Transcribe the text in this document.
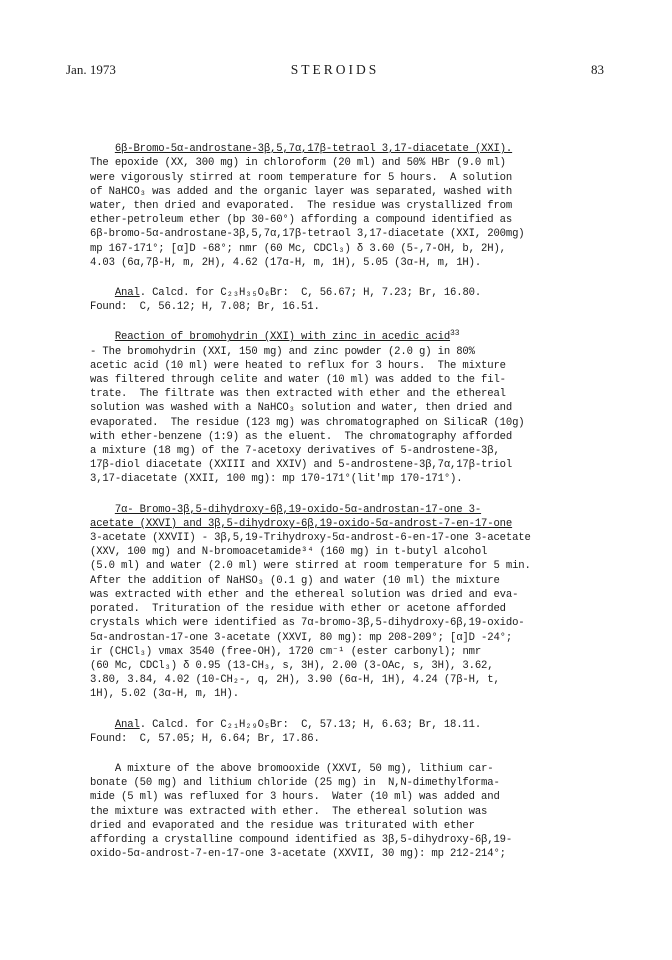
Jan. 1973	STEROIDS	83

6β-Bromo-5α-androstane-3β,5,7α,17β-tetraol 3,17-diacetate (XXI).
The epoxide (XX, 300 mg) in chloroform (20 ml) and 50% HBr (9.0 ml)
were vigorously stirred at room temperature for 5 hours.  A solution
of NaHCO₃ was added and the organic layer was separated, washed with
water, then dried and evaporated.  The residue was crystallized from
ether-petroleum ether (bp 30-60°) affording a compound identified as
6β-bromo-5α-androstane-3β,5,7α,17β-tetraol 3,17-diacetate (XXI, 200mg)
mp 167-171°; [α]D -68°; nmr (60 Mc, CDCl₃) δ 3.60 (5-,7-OH, b, 2H),
4.03 (6α,7β-H, m, 2H), 4.62 (17α-H, m, 1H), 5.05 (3α-H, m, 1H).
Anal. Calcd. for C₂₃H₃₅O₆Br:  C, 56.67; H, 7.23; Br, 16.80.
Found:  C, 56.12; H, 7.08; Br, 16.51.
Reaction of bromohydrin (XXI) with zinc in acedic acid$^{33}$
- The bromohydrin (XXI, 150 mg) and zinc powder (2.0 g) in 80%
acetic acid (10 ml) were heated to reflux for 3 hours.  The mixture
was filtered through celite and water (10 ml) was added to the fil-
trate.  The filtrate was then extracted with ether and the ethereal
solution was washed with a NaHCO₃ solution and water, then dried and
evaporated.  The residue (123 mg) was chromatographed on SilicaR (10g)
with ether-benzene (1:9) as the eluent.  The chromatography afforded
a mixture (18 mg) of the 7-acetoxy derivatives of 5-androstene-3β,
17β-diol diacetate (XXIII and XXIV) and 5-androstene-3β,7α,17β-triol
3,17-diacetate (XXII, 100 mg): mp 170-171°(lit'mp 170-171°).
7α- Bromo-3β,5-dihydroxy-6β,19-oxido-5α-androstan-17-one 3-
acetate (XXVI) and 3β,5-dihydroxy-6β,19-oxido-5α-androst-7-en-17-one
3-acetate (XXVII) - 3β,5,19-Trihydroxy-5α-androst-6-en-17-one 3-acetate
(XXV, 100 mg) and N-bromoacetamide³⁴ (160 mg) in t-butyl alcohol
(5.0 ml) and water (2.0 ml) were stirred at room temperature for 5 min.
After the addition of NaHSO₃ (0.1 g) and water (10 ml) the mixture
was extracted with ether and the ethereal solution was dried and eva-
porated.  Trituration of the residue with ether or acetone afforded
crystals which were identified as 7α-bromo-3β,5-dihydroxy-6β,19-oxido-
5α-androstan-17-one 3-acetate (XXVI, 80 mg): mp 208-209°; [α]D -24°;
ir (CHCl₃) νmax 3540 (free-OH), 1720 cm⁻¹ (ester carbonyl); nmr
(60 Mc, CDCl₃) δ 0.95 (13-CH₃, s, 3H), 2.00 (3-OAc, s, 3H), 3.62,
3.80, 3.84, 4.02 (10-CH₂-, q, 2H), 3.90 (6α-H, 1H), 4.24 (7β-H, t,
1H), 5.02 (3α-H, m, 1H).
Anal. Calcd. for C₂₁H₂₉O₅Br:  C, 57.13; H, 6.63; Br, 18.11.
Found:  C, 57.05; H, 6.64; Br, 17.86.
A mixture of the above bromooxide (XXVI, 50 mg), lithium car-
bonate (50 mg) and lithium chloride (25 mg) in  N,N-dimethylforma-
mide (5 ml) was refluxed for 3 hours.  Water (10 ml) was added and
the mixture was extracted with ether.  The ethereal solution was
dried and evaporated and the residue was triturated with ether
affording a crystalline compound identified as 3β,5-dihydroxy-6β,19-
oxido-5α-androst-7-en-17-one 3-acetate (XXVII, 30 mg): mp 212-214°;
